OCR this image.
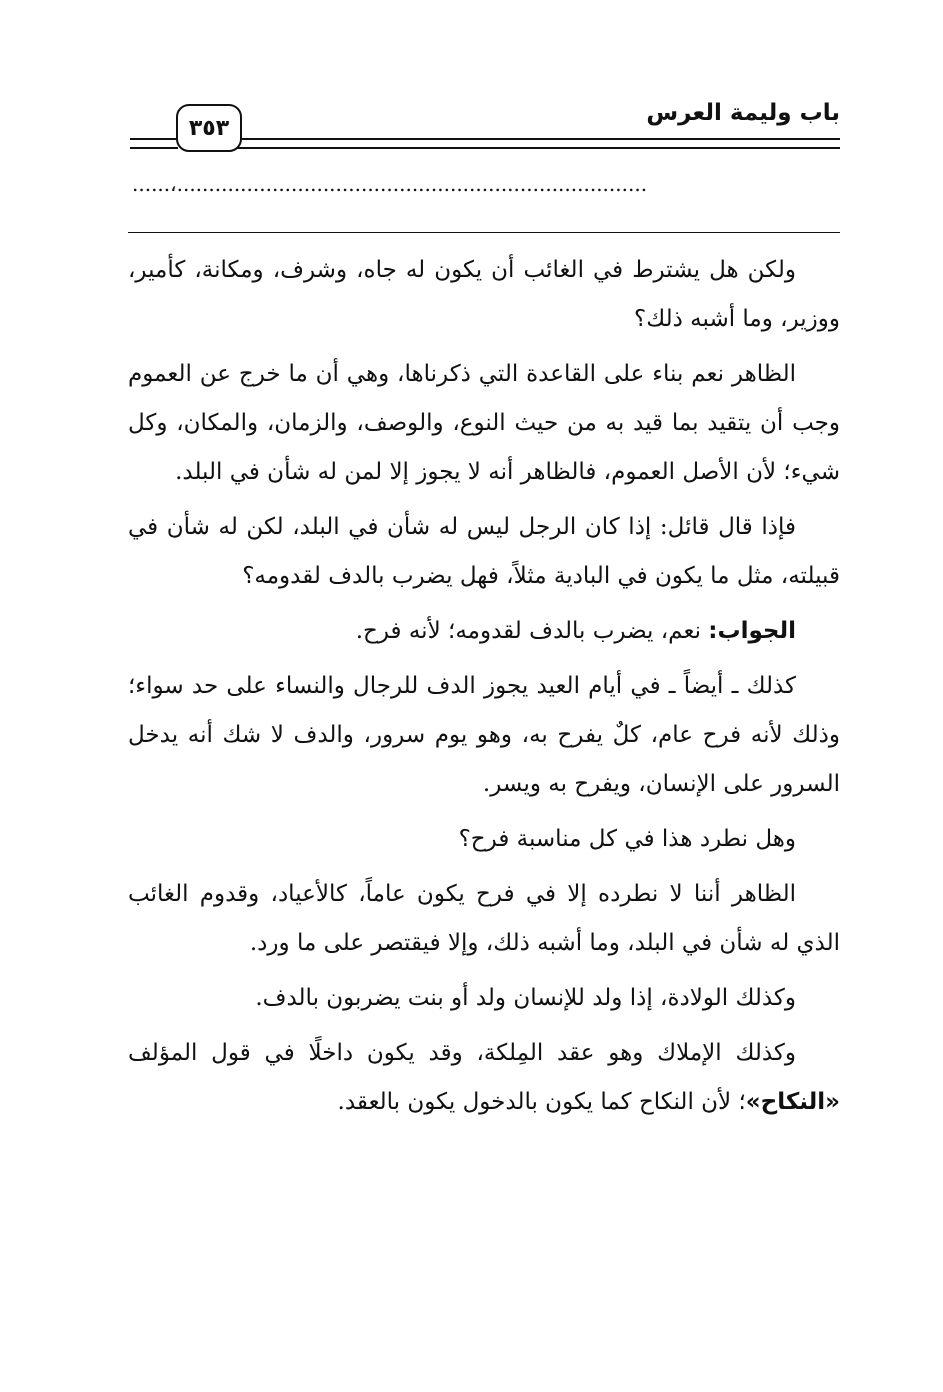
باب وليمة العرس
٣٥٣
..........................................................................،......

ولكن هل يشترط في الغائب أن يكون له جاه، وشرف، ومكانة، كأمير، ووزير، وما أشبه ذلك؟

الظاهر نعم بناء على القاعدة التي ذكرناها، وهي أن ما خرج عن العموم وجب أن يتقيد بما قيد به من حيث النوع، والوصف، والزمان، والمكان، وكل شيء؛ لأن الأصل العموم، فالظاهر أنه لا يجوز إلا لمن له شأن في البلد.

فإذا قال قائل: إذا كان الرجل ليس له شأن في البلد، لكن له شأن في قبيلته، مثل ما يكون في البادية مثلاً، فهل يضرب بالدف لقدومه؟

الجواب: نعم، يضرب بالدف لقدومه؛ لأنه فرح.

كذلك ـ أيضاً ـ في أيام العيد يجوز الدف للرجال والنساء على حد سواء؛ وذلك لأنه فرح عام، كلٌ يفرح به، وهو يوم سرور، والدف لا شك أنه يدخل السرور على الإنسان، ويفرح به ويسر.

وهل نطرد هذا في كل مناسبة فرح؟

الظاهر أننا لا نطرده إلا في فرح يكون عاماً، كالأعياد، وقدوم الغائب الذي له شأن في البلد، وما أشبه ذلك، وإلا فيقتصر على ما ورد.

وكذلك الولادة، إذا ولد للإنسان ولد أو بنت يضربون بالدف.

وكذلك الإملاك وهو عقد المِلكة، وقد يكون داخلًا في قول المؤلف «النكاح»؛ لأن النكاح كما يكون بالدخول يكون بالعقد.
